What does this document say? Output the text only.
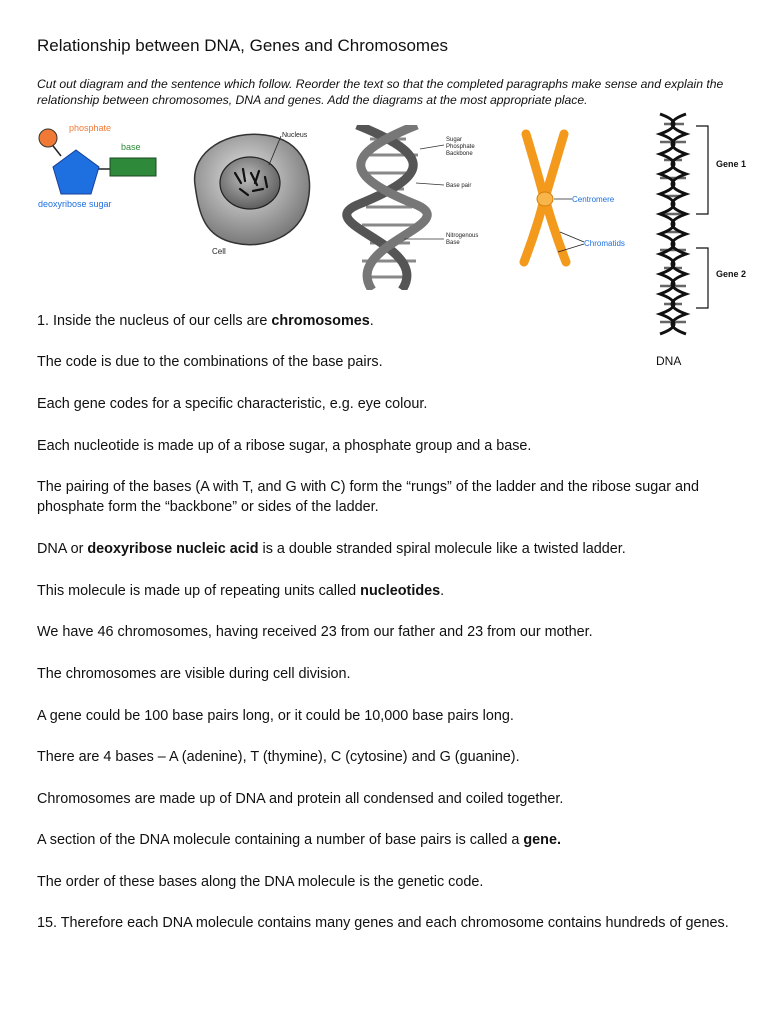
Relationship between DNA, Genes and Chromosomes
Cut out diagram and the sentence which follow. Reorder the text so that the completed paragraphs make sense and explain the relationship between chromosomes, DNA and genes. Add the diagrams at the most appropriate place.
phosphate
base
deoxyribose sugar
Nucleus
Cell
Sugar
Phosphate
Backbone
Base pair
Nitrogenous
Base
Centromere
Chromatids
Gene 1
Gene 2
DNA
1. Inside the nucleus of our cells are chromosomes.
The code is due to the combinations of the base pairs.
Each gene codes for a specific characteristic, e.g. eye colour.
Each nucleotide is made up of a ribose sugar, a phosphate group and a base.
The pairing of the bases (A with T, and G with C) form the “rungs” of the ladder and the ribose sugar and phosphate form the “backbone” or sides of the ladder.
DNA or deoxyribose nucleic acid is a double stranded spiral molecule like a twisted ladder.
This molecule is made up of repeating units called nucleotides.
We have 46 chromosomes, having received 23 from our father and 23 from our mother.
The chromosomes are visible during cell division.
A gene could be 100 base pairs long, or it could be 10,000 base pairs long.
There are 4 bases – A (adenine), T (thymine), C (cytosine) and G (guanine).
Chromosomes are made up of DNA and protein all condensed and coiled together.
A section of the DNA molecule containing a number of base pairs is called a gene.
The order of these bases along the DNA molecule is the genetic code.
15. Therefore each DNA molecule contains many genes and each chromosome contains hundreds of genes.
